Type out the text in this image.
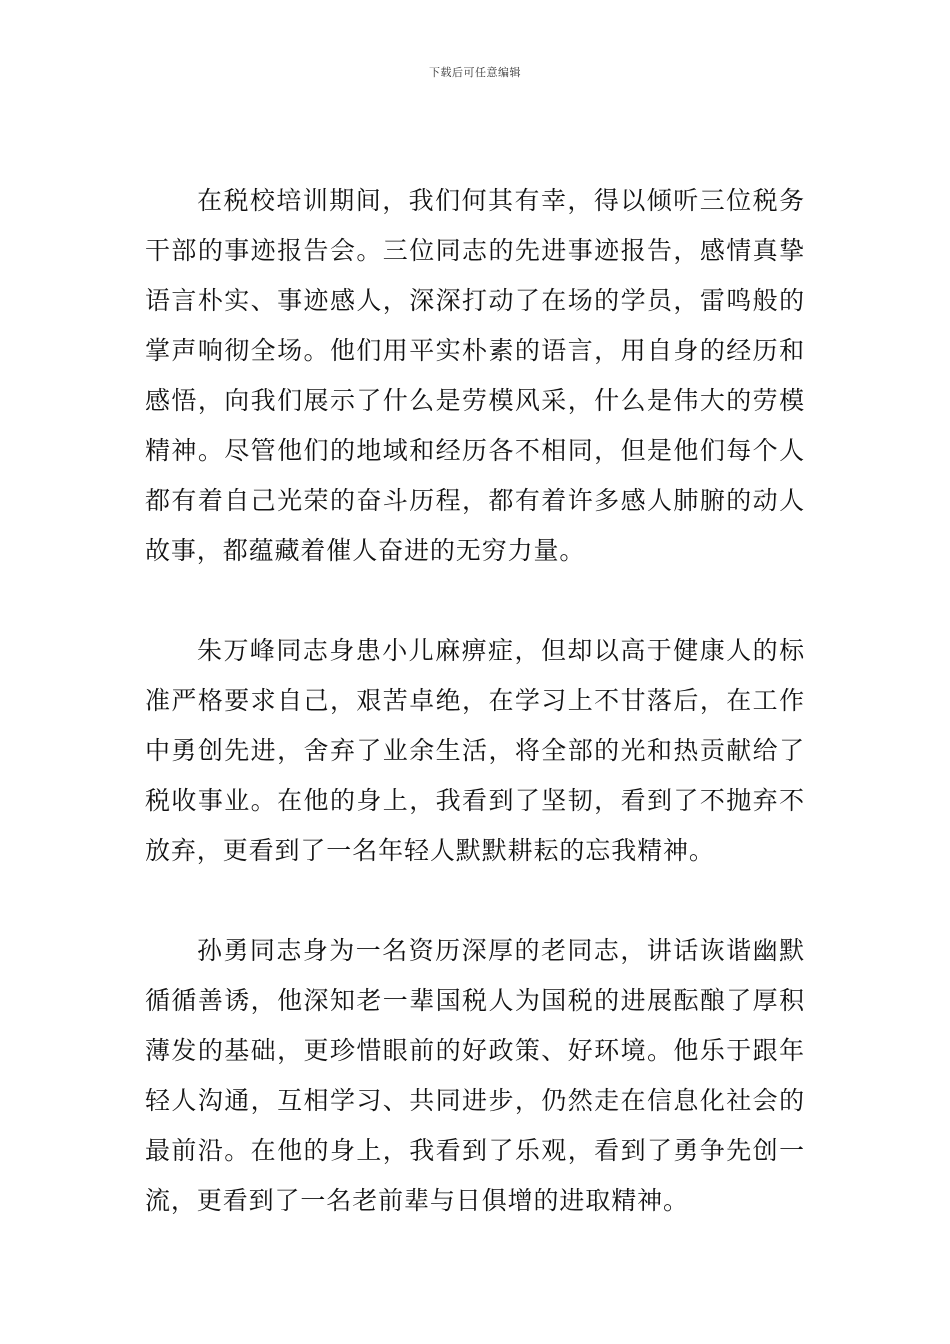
下载后可任意编辑

在税校培训期间，我们何其有幸，得以倾听三位税务干部的事迹报告会。三位同志的先进事迹报告，感情真挚语言朴实、事迹感人，深深打动了在场的学员，雷鸣般的掌声响彻全场。他们用平实朴素的语言，用自身的经历和感悟，向我们展示了什么是劳模风采，什么是伟大的劳模精神。尽管他们的地域和经历各不相同，但是他们每个人都有着自己光荣的奋斗历程，都有着许多感人肺腑的动人故事，都蕴藏着催人奋进的无穷力量。

朱万峰同志身患小儿麻痹症，但却以高于健康人的标准严格要求自己，艰苦卓绝，在学习上不甘落后，在工作中勇创先进，舍弃了业余生活，将全部的光和热贡献给了税收事业。在他的身上，我看到了坚韧，看到了不抛弃不放弃，更看到了一名年轻人默默耕耘的忘我精神。

孙勇同志身为一名资历深厚的老同志，讲话诙谐幽默循循善诱，他深知老一辈国税人为国税的进展酝酿了厚积薄发的基础，更珍惜眼前的好政策、好环境。他乐于跟年轻人沟通，互相学习、共同进步，仍然走在信息化社会的最前沿。在他的身上，我看到了乐观，看到了勇争先创一流，更看到了一名老前辈与日俱增的进取精神。
